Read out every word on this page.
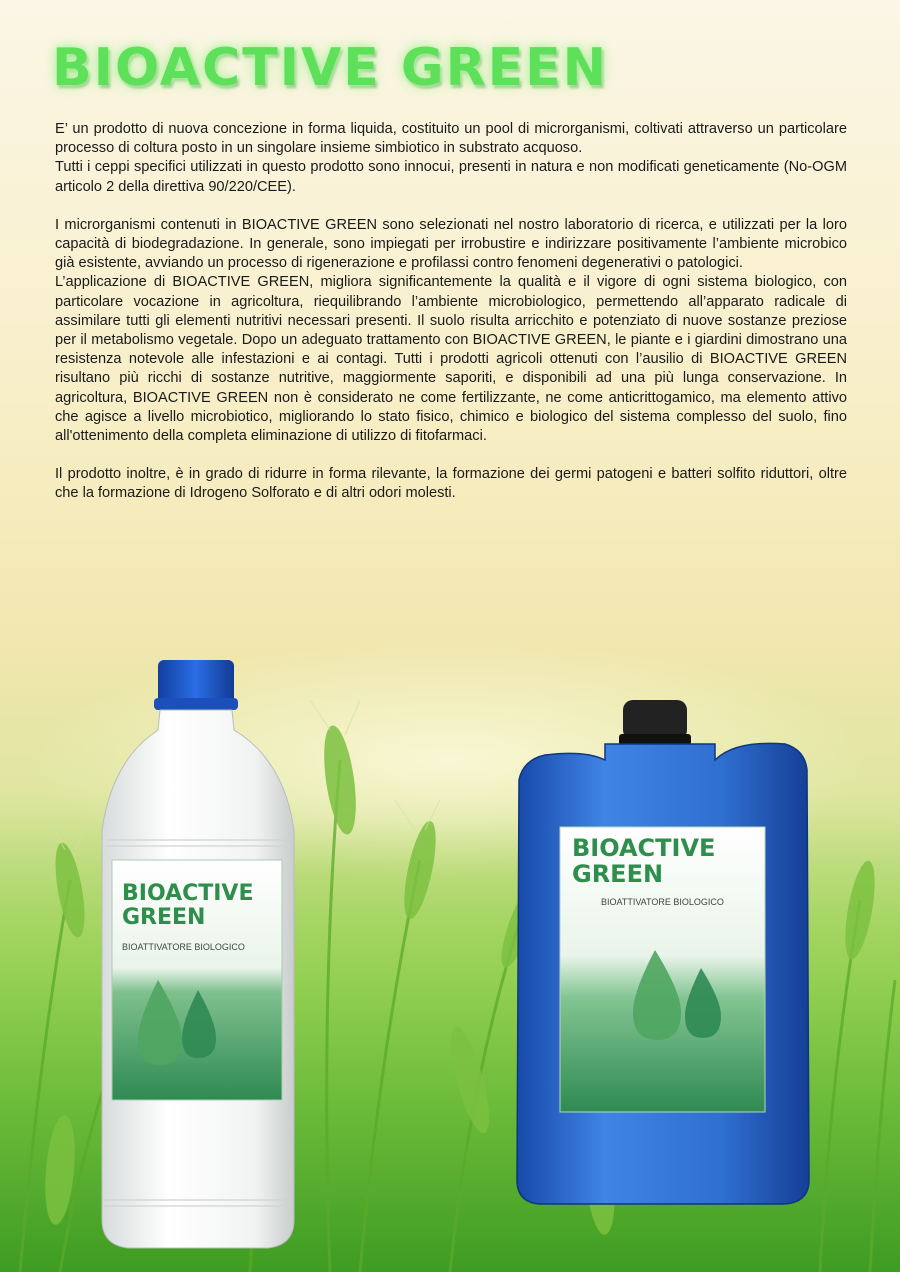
BIOACTIVE GREEN

E’ un prodotto di nuova concezione in forma liquida, costituito un pool di microrganismi, coltivati attraverso un particolare processo di coltura posto in un singolare insieme simbiotico in substrato acquoso.

Tutti i ceppi specifici utilizzati in questo prodotto sono innocui, presenti in natura e non modificati geneticamente (No-OGM articolo 2 della direttiva 90/220/CEE).

I microrganismi contenuti in BIOACTIVE GREEN sono selezionati nel nostro laboratorio di ricerca, e utilizzati per la loro capacità di biodegradazione. In generale, sono impiegati per irrobustire e indirizzare positivamente l’ambiente microbico già esistente, avviando un processo di rigenerazione e profilassi contro fenomeni degenerativi o patologici.

L’applicazione di BIOACTIVE GREEN, migliora significantemente la qualità e il vigore di ogni sistema biologico, con particolare vocazione in agricoltura, riequilibrando l’ambiente microbiologico, permettendo all’apparato radicale di assimilare tutti gli elementi nutritivi necessari presenti. Il suolo risulta arricchito e potenziato di nuove sostanze preziose per il metabolismo vegetale. Dopo un adeguato trattamento con BIOACTIVE GREEN, le piante e i giardini dimostrano una resistenza notevole alle infestazioni e ai contagi. Tutti i prodotti agricoli ottenuti con l’ausilio di BIOACTIVE GREEN risultano più ricchi di sostanze nutritive, maggiormente saporiti, e disponibili ad una più lunga conservazione. In agricoltura, BIOACTIVE GREEN non è considerato ne come fertilizzante, ne come anticrittogamico, ma elemento attivo che agisce a livello microbiotico, migliorando lo stato fisico, chimico e biologico del sistema complesso del suolo, fino all'ottenimento della completa eliminazione di utilizzo di fitofarmaci.

Il prodotto inoltre, è in grado di ridurre in forma rilevante, la formazione dei germi patogeni e batteri solfito riduttori, oltre che la formazione di Idrogeno Solforato e di altri odori molesti.

BIOACTIVE
GREEN
BIOATTIVATORE BIOLOGICO
BIOACTIVE
GREEN
BIOATTIVATORE BIOLOGICO
